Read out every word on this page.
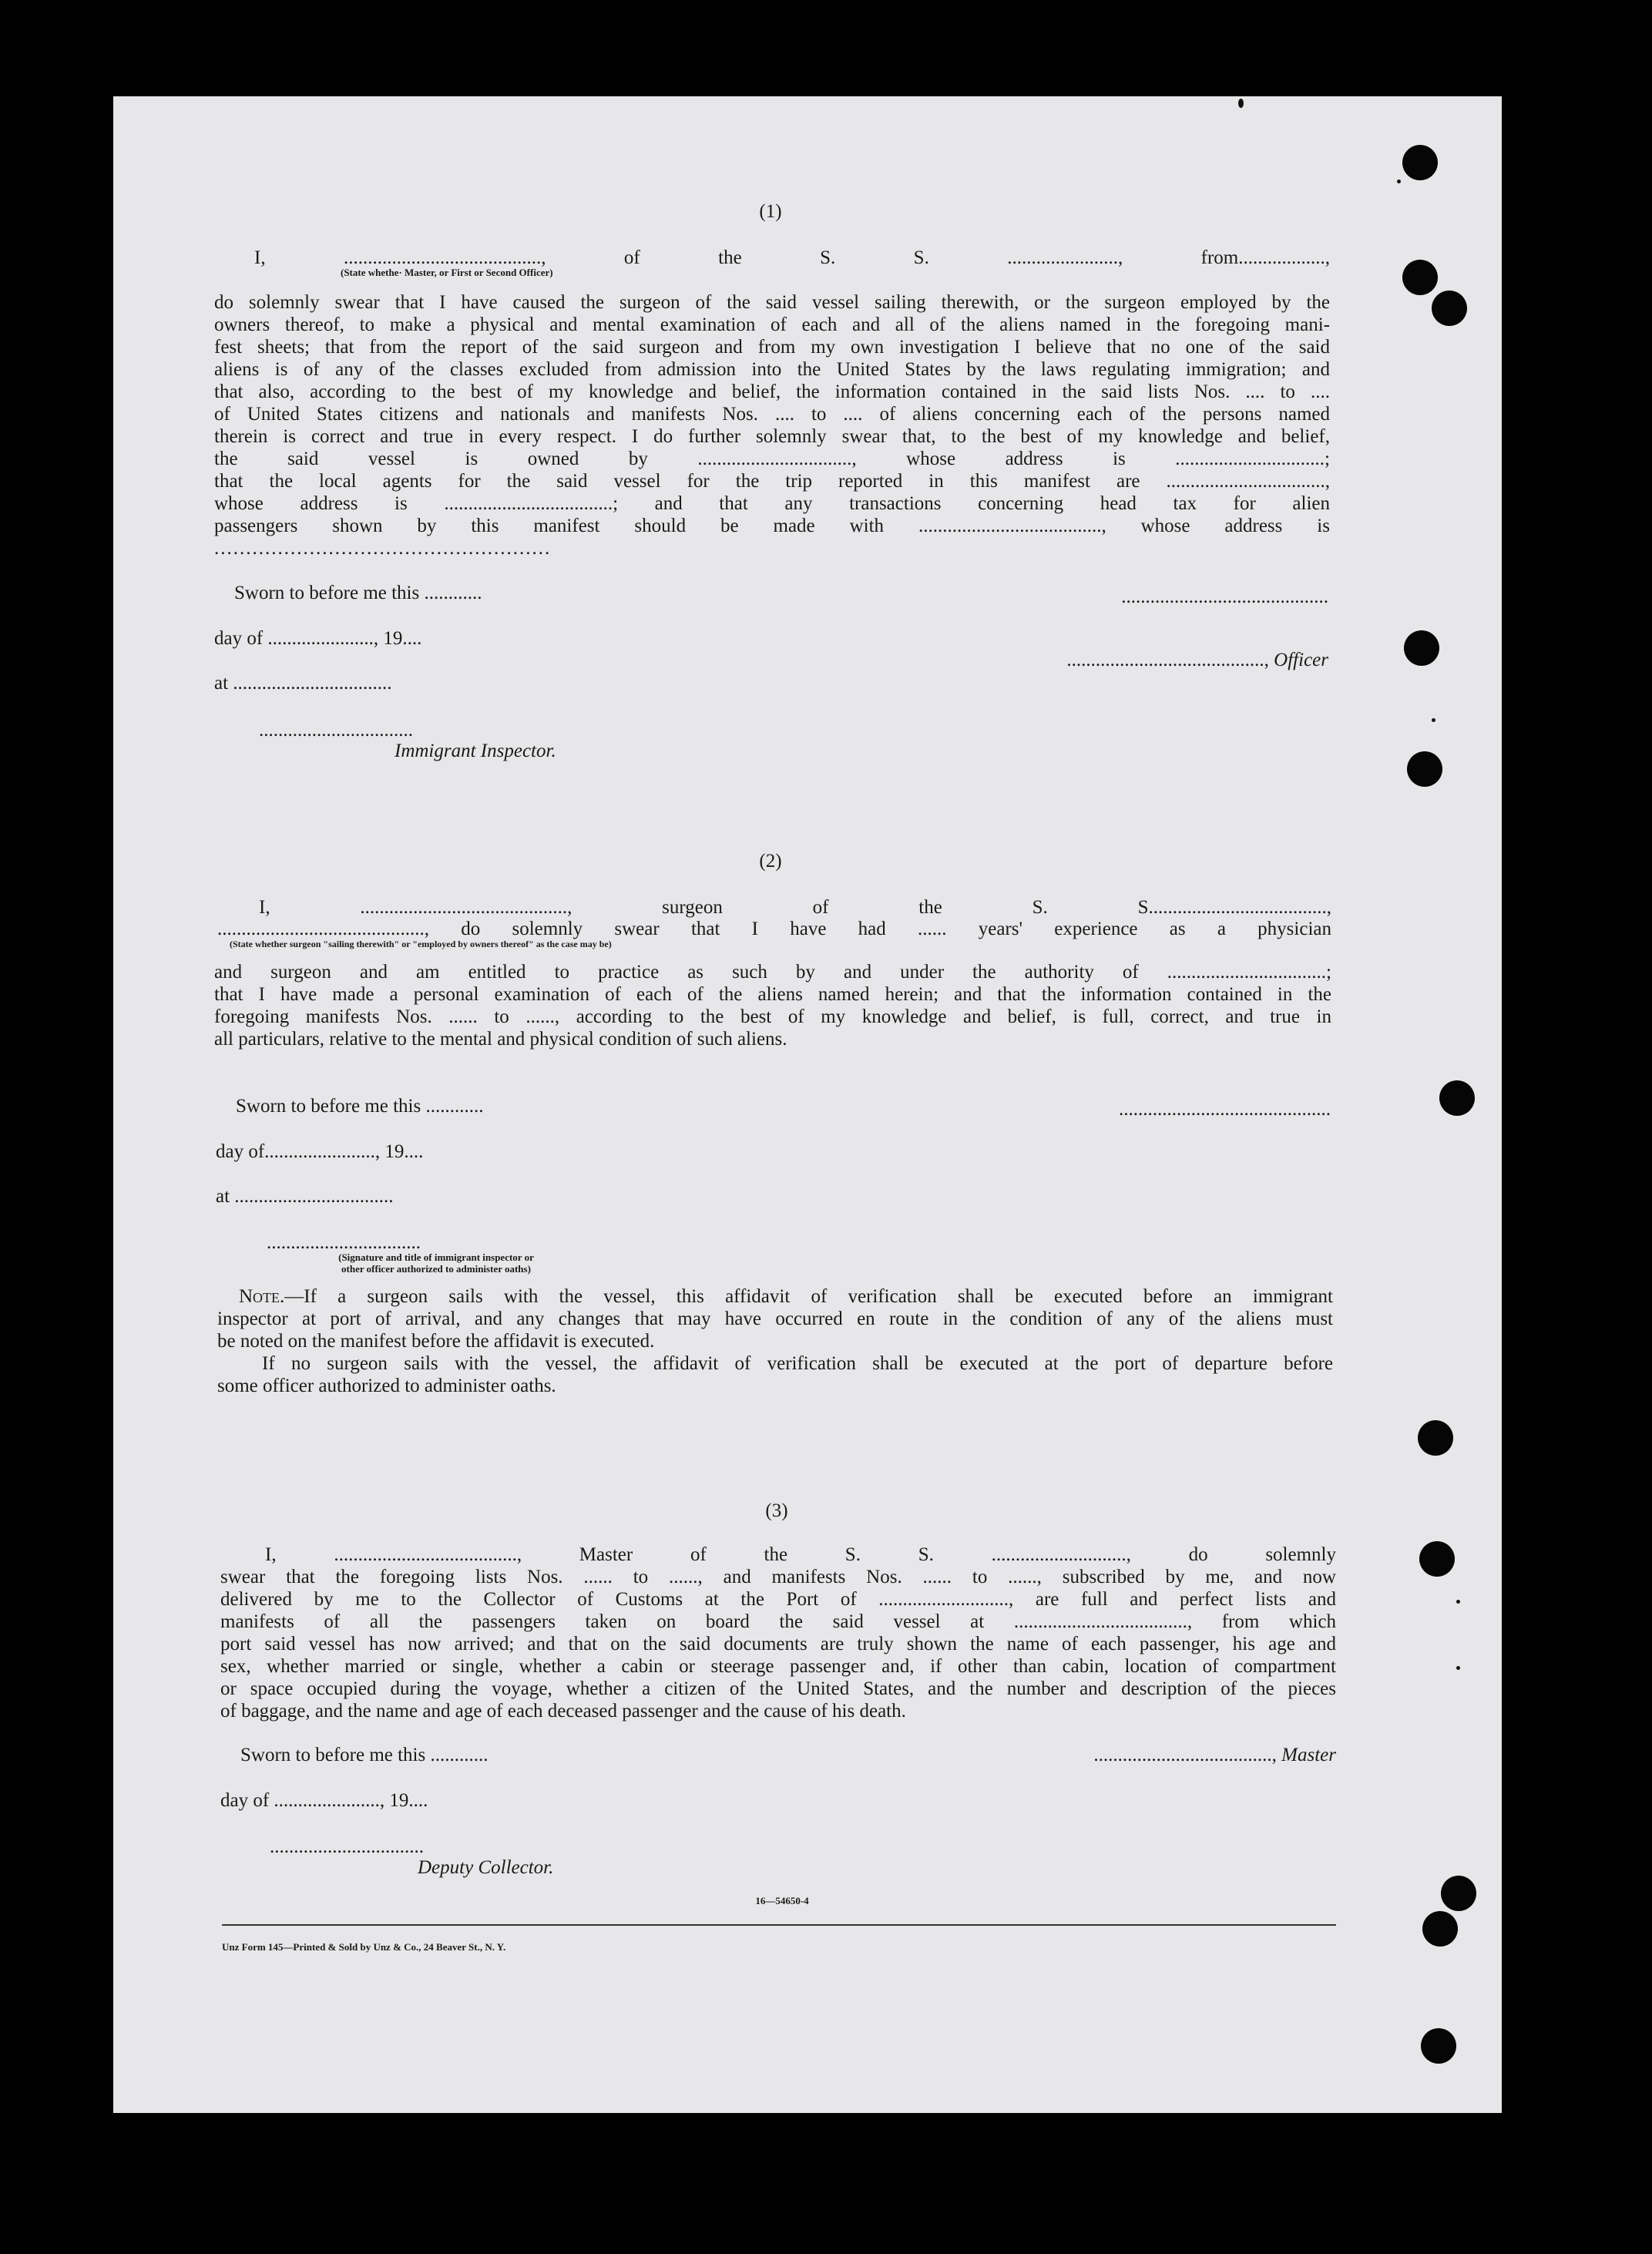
(1)
I, ........................................., of the S. S. ......................., from..................,
(State whethe· Master, or First or Second Officer)
do solemnly swear that I have caused the surgeon of the said vessel sailing therewith, or the surgeon employed by the
owners thereof, to make a physical and mental examination of each and all of the aliens named in the foregoing mani-
fest sheets; that from the report of the said surgeon and from my own investigation I believe that no one of the said
aliens is of any of the classes excluded from admission into the United States by the laws regulating immigration; and
that also, according to the best of my knowledge and belief, the information contained in the said lists Nos. .... to ....
of United States citizens and nationals and manifests Nos. .... to .... of aliens concerning each of the persons named
therein is correct and true in every respect. I do further solemnly swear that, to the best of my knowledge and belief,
the said vessel is owned by ................................, whose address is ...............................;
that the local agents for the said vessel for the trip reported in this manifest are .................................,
whose address is ...................................; and that any transactions concerning head tax for alien
passengers shown by this manifest should be made with ......................................, whose address is
.....................................................
Sworn to before me this ............
day of ......................, 19....
at .................................
................................
Immigrant Inspector.
...........................................
........................................., Officer
(2)
I, ..........................................., surgeon of the S. S.....................................,
..........................................., do solemnly swear that I have had ...... years' experience as a physician
(State whether surgeon "sailing therewith" or "employed by owners thereof" as the case may be)
and surgeon and am entitled to practice as such by and under the authority of .................................;
that I have made a personal examination of each of the aliens named herein; and that the information contained in the
foregoing manifests Nos. ...... to ......, according to the best of my knowledge and belief, is full, correct, and true in
all particulars, relative to the mental and physical condition of such aliens.
Sworn to before me this ............
day of......................., 19....
at .................................
................................
(Signature and title of immigrant inspector or
other officer authorized to administer oaths)
............................................
Note.—If a surgeon sails with the vessel, this affidavit of verification shall be executed before an immigrant
inspector at port of arrival, and any changes that may have occurred en route in the condition of any of the aliens must
be noted on the manifest before the affidavit is executed.
If no surgeon sails with the vessel, the affidavit of verification shall be executed at the port of departure before
some officer authorized to administer oaths.
(3)
I, ......................................, Master of the S. S. ............................, do solemnly
swear that the foregoing lists Nos. ...... to ......, and manifests Nos. ...... to ......, subscribed by me, and now
delivered by me to the Collector of Customs at the Port of ..........................., are full and perfect lists and
manifests of all the passengers taken on board the said vessel at ...................................., from which
port said vessel has now arrived; and that on the said documents are truly shown the name of each passenger, his age and
sex, whether married or single, whether a cabin or steerage passenger and, if other than cabin, location of compartment
or space occupied during the voyage, whether a citizen of the United States, and the number and description of the pieces
of baggage, and the name and age of each deceased passenger and the cause of his death.
Sworn to before me this ............
day of ......................, 19....
................................
Deputy Collector.
....................................., Master
16—54650-4
Unz Form 145—Printed & Sold by Unz & Co., 24 Beaver St., N. Y.
